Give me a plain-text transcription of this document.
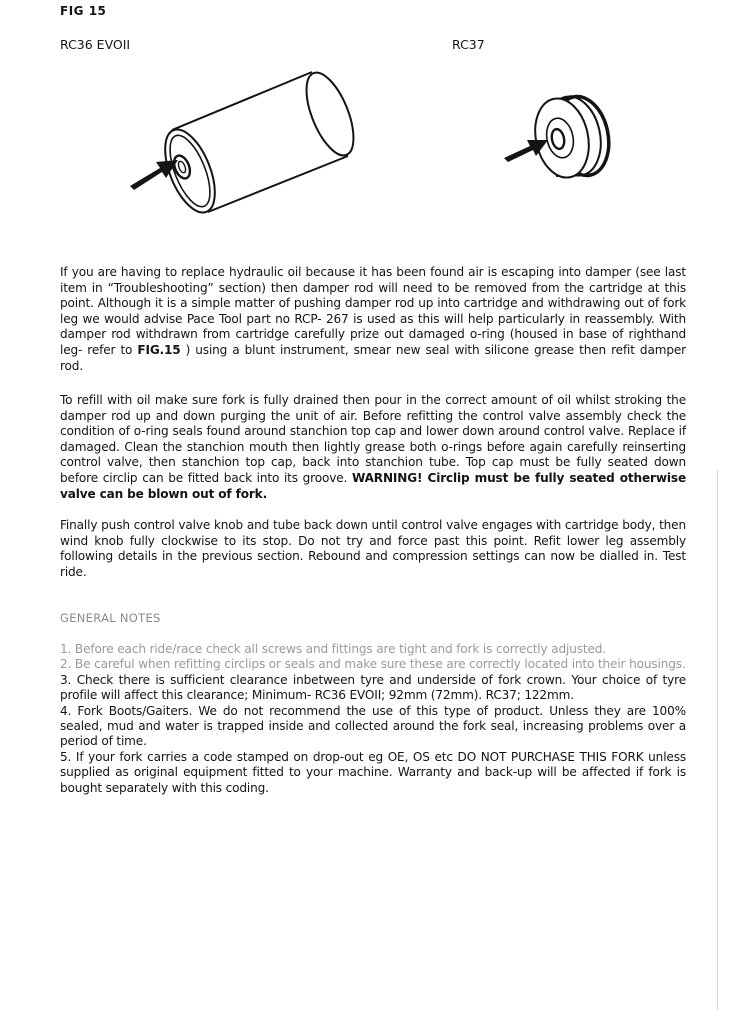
FIG 15
RC36 EVOII	RC37
If you are having to replace hydraulic oil because it has been found air is escaping into damper (see last item in “Troubleshooting” section) then damper rod will need to be removed from the cartridge at this point. Although it is a simple matter of pushing damper rod up into cartridge and withdrawing out of fork leg we would advise Pace Tool part no RCP- 267 is used as this will help particularly in reassembly. With damper rod withdrawn from cartridge carefully prize out damaged o-ring (housed in base of righthand leg- refer to FIG.15 ) using a blunt instrument, smear new seal with silicone grease then refit damper rod.
To refill with oil make sure fork is fully drained then pour in the correct amount of oil whilst stroking the damper rod up and down purging the unit of air. Before refitting the control valve assembly check the condition of o-ring seals found around stanchion top cap and lower down around control valve. Replace if damaged. Clean the stanchion mouth then lightly grease both o-rings before again carefully reinserting control valve, then stanchion top cap, back into stanchion tube. Top cap must be fully seated down before circlip can be fitted back into its groove. WARNING! Circlip must be fully seated otherwise valve can be blown out of fork.
Finally push control valve knob and tube back down until control valve engages with cartridge body, then wind knob fully clockwise to its stop. Do not try and force past this point. Refit lower leg assembly following details in the previous section. Rebound and compression settings can now be dialled in. Test ride.
GENERAL NOTES

1. Before each ride/race check all screws and fittings are tight and fork is correctly adjusted.

2. Be careful when refitting circlips or seals and make sure these are correctly located into their housings.

3. Check there is sufficient clearance inbetween tyre and underside of fork crown. Your choice of tyre profile will affect this clearance; Minimum- RC36 EVOII; 92mm (72mm). RC37; 122mm.

4. Fork Boots/Gaiters. We do not recommend the use of this type of product. Unless they are 100% sealed, mud and water is trapped inside and collected around the fork seal, increasing problems over a period of time.

5. If your fork carries a code stamped on drop-out eg OE, OS etc DO NOT PURCHASE THIS FORK unless supplied as original equipment fitted to your machine. Warranty and back-up will be affected if fork is bought separately with this coding.
